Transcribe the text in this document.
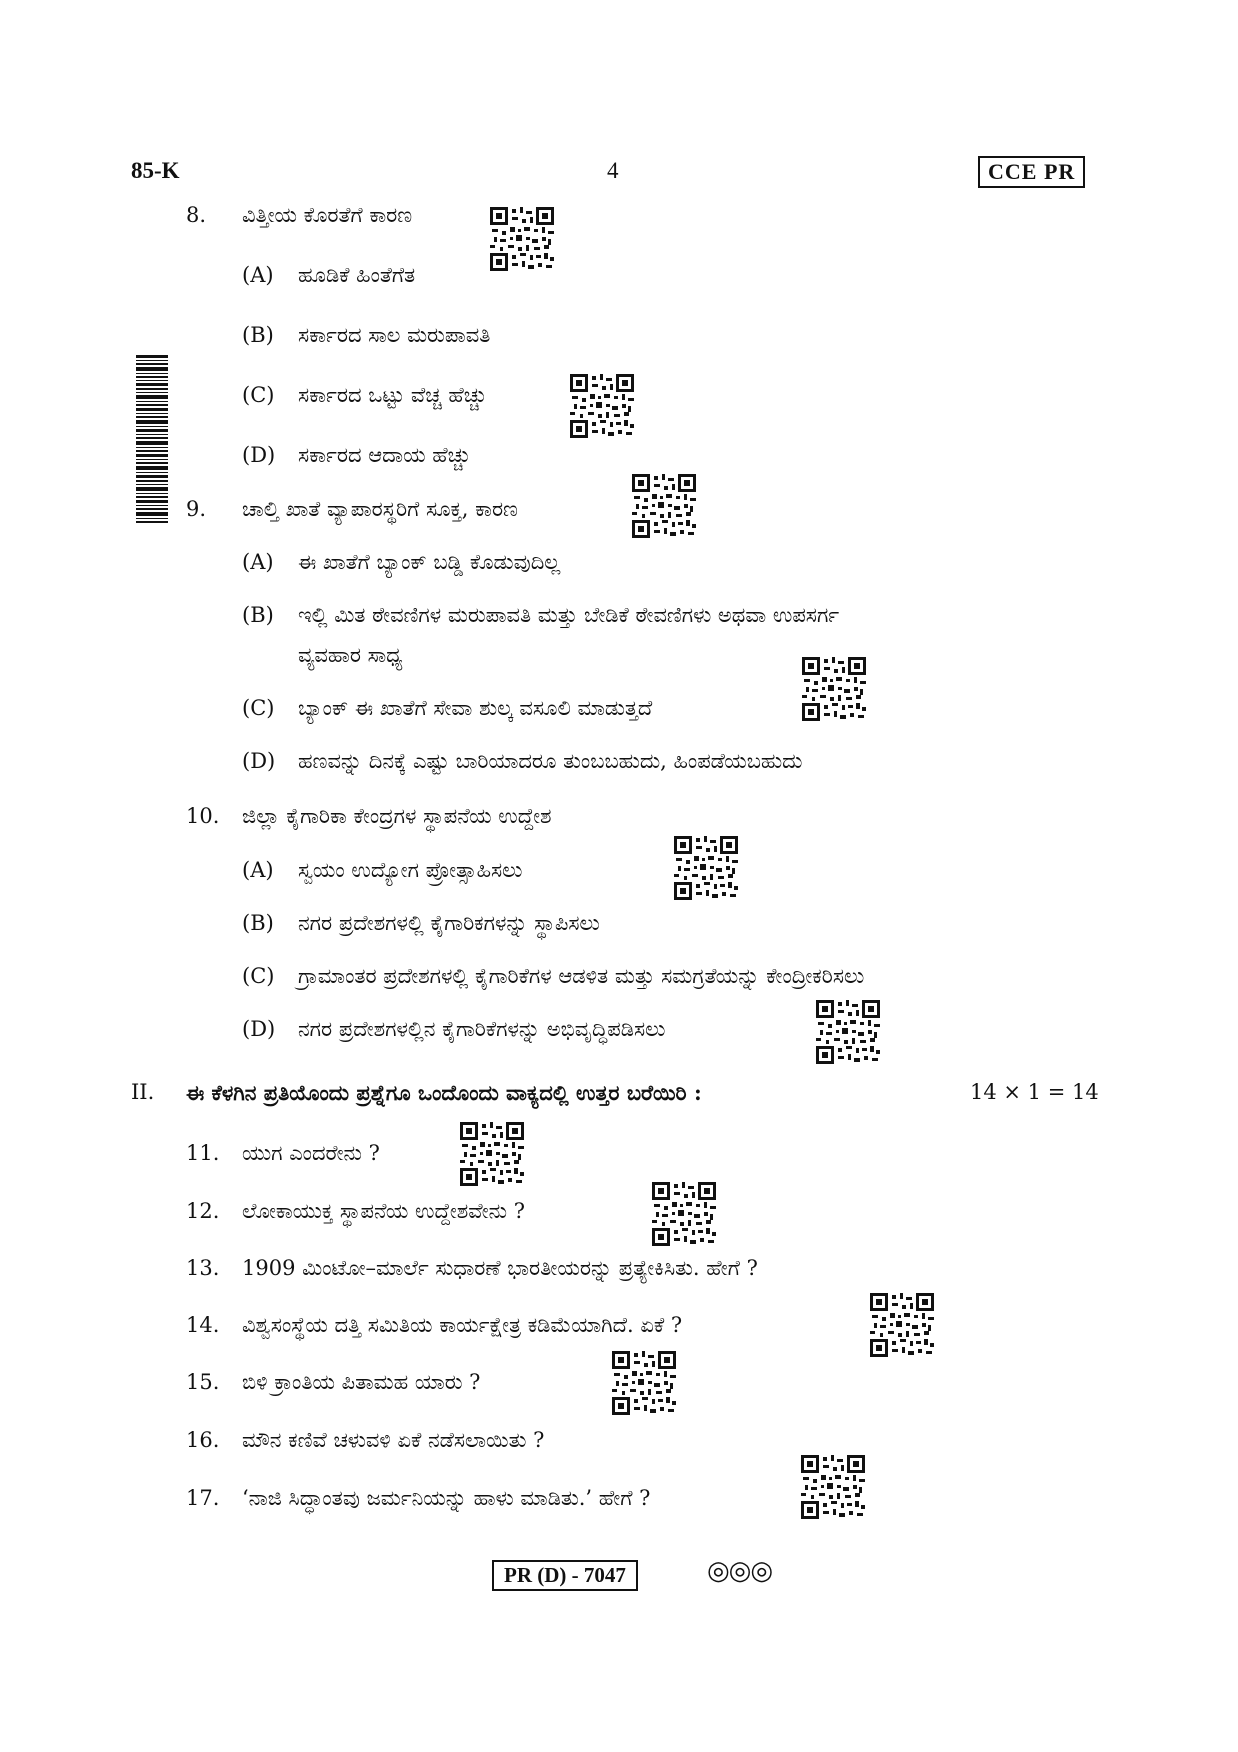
85-K	4	CCE PR
8. ವಿತ್ತೀಯ ಕೊರತೆಗೆ ಕಾರಣ
(A) ಹೂಡಿಕೆ ಹಿಂತೆಗೆತ
(B) ಸರ್ಕಾರದ ಸಾಲ ಮರುಪಾವತಿ
(C) ಸರ್ಕಾರದ ಒಟ್ಟು ವೆಚ್ಚ ಹೆಚ್ಚು
(D) ಸರ್ಕಾರದ ಆದಾಯ ಹೆಚ್ಚು
9. ಚಾಲ್ತಿ ಖಾತೆ ವ್ಯಾಪಾರಸ್ಥರಿಗೆ ಸೂಕ್ತ, ಕಾರಣ
(A) ಈ ಖಾತೆಗೆ ಬ್ಯಾಂಕ್ ಬಡ್ಡಿ ಕೊಡುವುದಿಲ್ಲ
(B) ಇಲ್ಲಿ ಮಿತ ಠೇವಣಿಗಳ ಮರುಪಾವತಿ ಮತ್ತು ಬೇಡಿಕೆ ಠೇವಣಿಗಳು ಅಥವಾ ಉಪಸರ್ಗ
ವ್ಯವಹಾರ ಸಾಧ್ಯ
(C) ಬ್ಯಾಂಕ್ ಈ ಖಾತೆಗೆ ಸೇವಾ ಶುಲ್ಕ ವಸೂಲಿ ಮಾಡುತ್ತದೆ
(D) ಹಣವನ್ನು ದಿನಕ್ಕೆ ಎಷ್ಟು ಬಾರಿಯಾದರೂ ತುಂಬಬಹುದು, ಹಿಂಪಡೆಯಬಹುದು
10. ಜಿಲ್ಲಾ ಕೈಗಾರಿಕಾ ಕೇಂದ್ರಗಳ ಸ್ಥಾಪನೆಯ ಉದ್ದೇಶ
(A) ಸ್ವಯಂ ಉದ್ಯೋಗ ಪ್ರೋತ್ಸಾಹಿಸಲು
(B) ನಗರ ಪ್ರದೇಶಗಳಲ್ಲಿ ಕೈಗಾರಿಕಗಳನ್ನು ಸ್ಥಾಪಿಸಲು
(C) ಗ್ರಾಮಾಂತರ ಪ್ರದೇಶಗಳಲ್ಲಿ ಕೈಗಾರಿಕೆಗಳ ಆಡಳಿತ ಮತ್ತು ಸಮಗ್ರತೆಯನ್ನು ಕೇಂದ್ರೀಕರಿಸಲು
(D) ನಗರ ಪ್ರದೇಶಗಳಲ್ಲಿನ ಕೈಗಾರಿಕೆಗಳನ್ನು ಅಭಿವೃದ್ಧಿಪಡಿಸಲು
II. ಈ ಕೆಳಗಿನ ಪ್ರತಿಯೊಂದು ಪ್ರಶ್ನೆಗೂ ಒಂದೊಂದು ವಾಕ್ಯದಲ್ಲಿ ಉತ್ತರ ಬರೆಯಿರಿ :	14 × 1 = 14
11. ಯುಗ ಎಂದರೇನು ?
12. ಲೋಕಾಯುಕ್ತ ಸ್ಥಾಪನೆಯ ಉದ್ದೇಶವೇನು ?
13. 1909 ಮಿಂಟೋ–ಮಾರ್ಲೆ ಸುಧಾರಣೆ ಭಾರತೀಯರನ್ನು ಪ್ರತ್ಯೇಕಿಸಿತು. ಹೇಗೆ ?
14. ವಿಶ್ವಸಂಸ್ಥೆಯ ದತ್ತಿ ಸಮಿತಿಯ ಕಾರ್ಯಕ್ಷೇತ್ರ ಕಡಿಮೆಯಾಗಿದೆ. ಏಕೆ ?
15. ಬಿಳಿ ಕ್ರಾಂತಿಯ ಪಿತಾಮಹ ಯಾರು ?
16. ಮೌನ ಕಣಿವೆ ಚಳುವಳಿ ಏಕೆ ನಡೆಸಲಾಯಿತು ?
17. ‘ನಾಜಿ ಸಿದ್ಧಾಂತವು ಜರ್ಮನಿಯನ್ನು ಹಾಳು ಮಾಡಿತು.’ ಹೇಗೆ ?
PR (D) - 7047	◎◎◎
